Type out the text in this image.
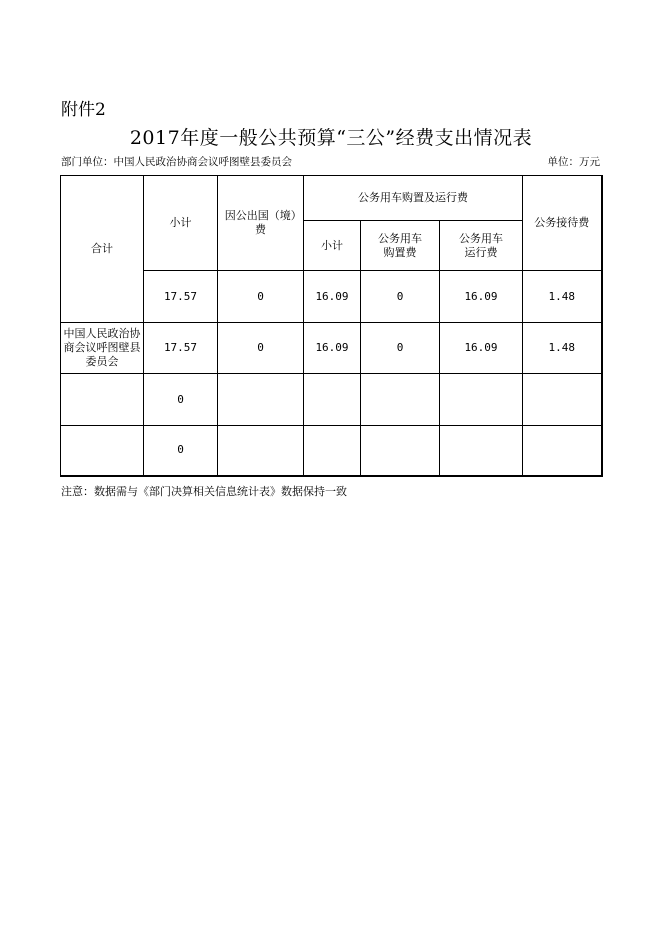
附件2
2017年度一般公共预算“三公”经费支出情况表
部门单位：中国人民政治协商会议呼图壁县委员会	单位：万元
合计	小计	因公出国（境）费	公务用车购置及运行费			公务接待费
			小计	公务用车购置费	公务用车运行费	
	17.57	0	16.09	0	16.09	1.48
中国人民政治协商会议呼图壁县委员会	17.57	0	16.09	0	16.09	1.48
	0					
	0					
注意：数据需与《部门决算相关信息统计表》数据保持一致
